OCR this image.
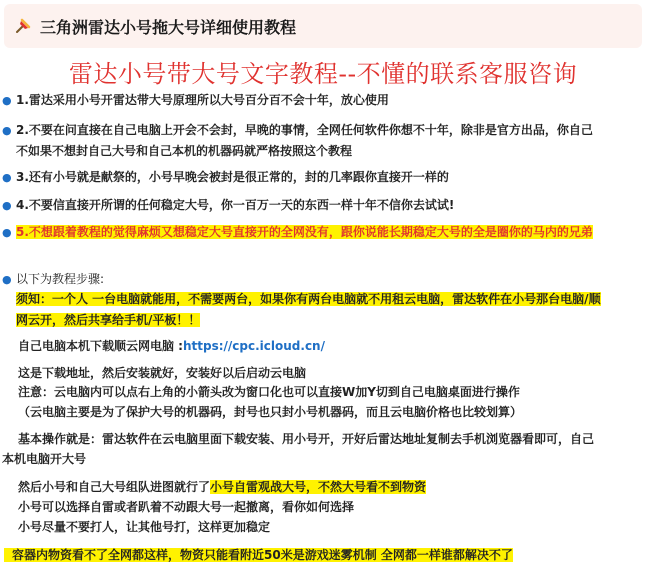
三角洲雷达小号拖大号详细使用教程
雷达小号带大号文字教程--不懂的联系客服咨询
● 1.雷达采用小号开雷达带大号原理所以大号百分百不会十年，放心使用
● 2.不要在问直接在自己电脑上开会不会封，早晚的事情，全网任何软件你想不十年，除非是官方出品，你自己
不如果不想封自己大号和自己本机的机器码就严格按照这个教程
● 3.还有小号就是献祭的，小号早晚会被封是很正常的，封的几率跟你直接开一样的
● 4.不要信直接开所谓的任何稳定大号，你一百万一天的东西一样十年不信你去试试!
● 5.不想跟着教程的觉得麻烦又想稳定大号直接开的全网没有，跟你说能长期稳定大号的全是圈你的马内的兄弟
● 以下为教程步骤:
须知：一个人 一台电脑就能用，不需要两台，如果你有两台电脑就不用租云电脑，雷达软件在小号那台电脑/顺
网云开，然后共享给手机/平板！！
自己电脑本机下载顺云网电脑 :https://cpc.icloud.cn/
这是下载地址，然后安装就好，安装好以后启动云电脑
注意：云电脑内可以点右上角的小箭头改为窗口化也可以直接W加Y切到自己电脑桌面进行操作
（云电脑主要是为了保护大号的机器码，封号也只封小号机器码，而且云电脑价格也比较划算）
基本操作就是：雷达软件在云电脑里面下载安装、用小号开，开好后雷达地址复制去手机浏览器看即可，自己
本机电脑开大号
然后小号和自己大号组队进图就行了小号自雷观战大号，不然大号看不到物资
小号可以选择自雷或者趴着不动跟大号一起撤离，看你如何选择
小号尽量不要打人，让其他号打，这样更加稳定
容器内物资看不了全网都这样，物资只能看附近50米是游戏迷雾机制 全网都一样谁都解决不了
